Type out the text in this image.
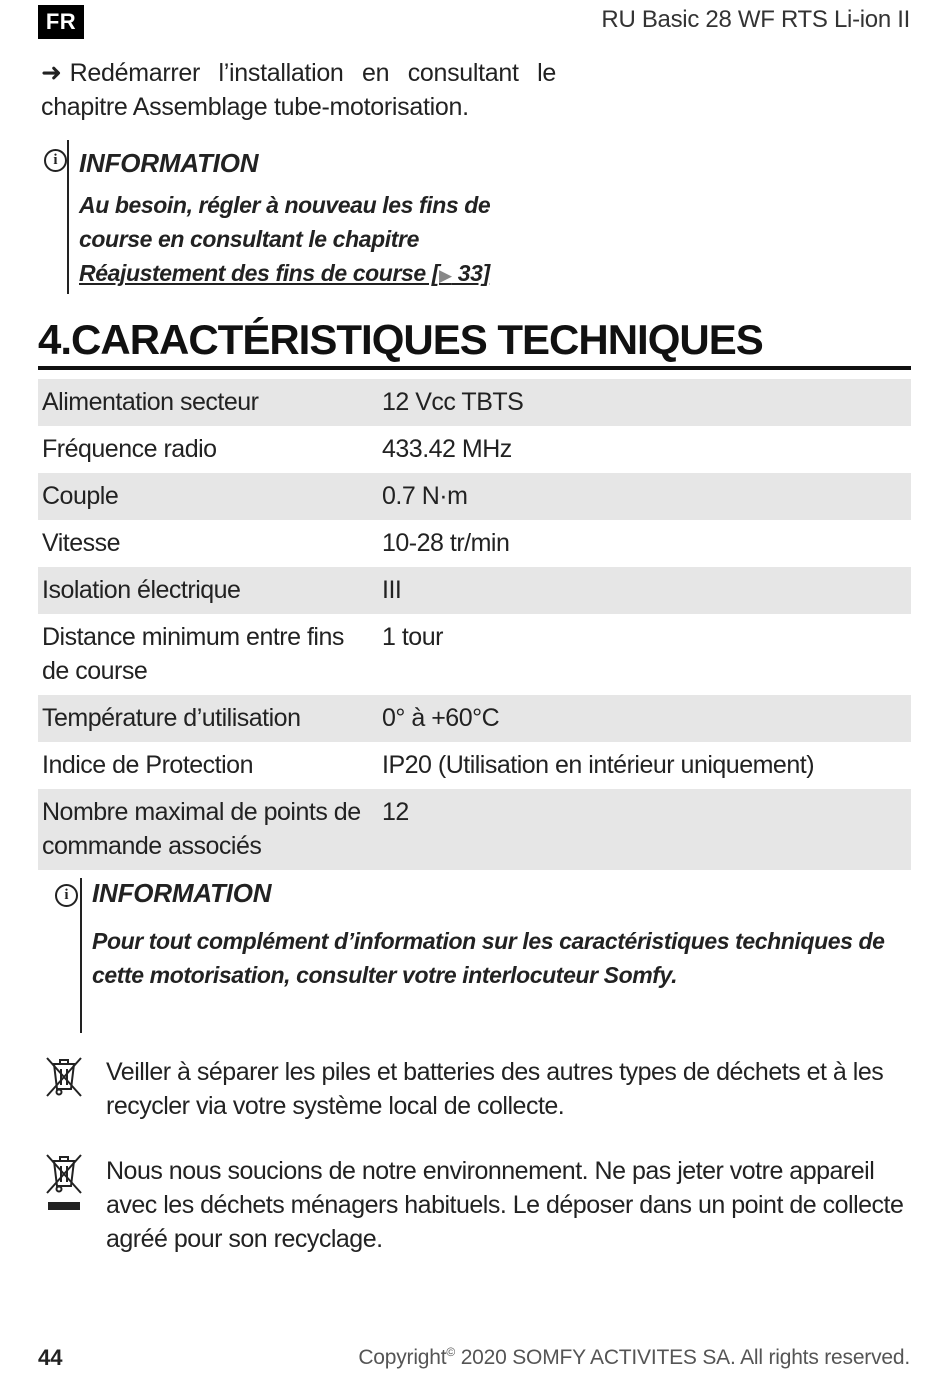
FR	RU Basic 28 WF RTS Li-ion II
➜ Redémarrer l’installation en consultant le chapitre Assemblage tube-motorisation.
i INFORMATION
Au besoin, régler à nouveau les fins de course en consultant le chapitre Réajustement des fins de course [▶ 33]
4.CARACTÉRISTIQUES TECHNIQUES
Alimentation secteur	12 Vcc TBTS
Fréquence radio	433.42 MHz
Couple	0.7 N·m
Vitesse	10-28 tr/min
Isolation électrique	III
Distance minimum entre fins de course	1 tour
Température d’utilisation	0° à +60°C
Indice de Protection	IP20 (Utilisation en intérieur uniquement)
Nombre maximal de points de commande associés	12
i INFORMATION
Pour tout complément d’information sur les caractéristiques techniques de cette motorisation, consulter votre interlocuteur Somfy.
Veiller à séparer les piles et batteries des autres types de déchets et à les recycler via votre système local de collecte.
Nous nous soucions de notre environnement. Ne pas jeter votre appareil avec les déchets ménagers habituels. Le déposer dans un point de collecte agréé pour son recyclage.
44	Copyright© 2020 SOMFY ACTIVITES SA. All rights reserved.
